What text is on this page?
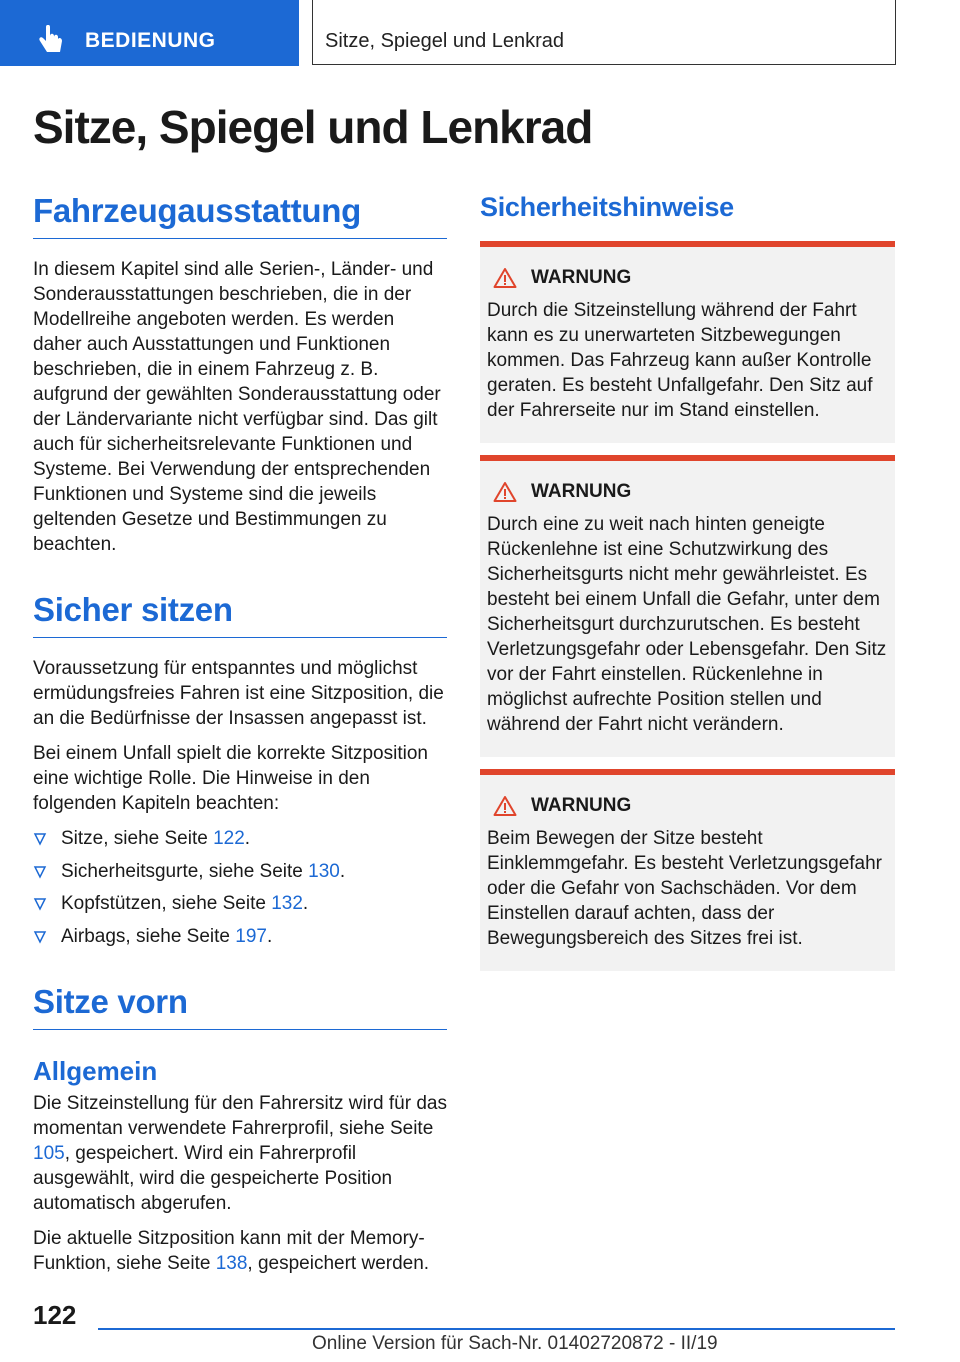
BEDIENUNG	Sitze, Spiegel und Lenkrad
Sitze, Spiegel und Lenkrad
Fahrzeugausstattung

In diesem Kapitel sind alle Serien-, Länder- und Sonderausstattungen beschrieben, die in der Modellreihe angeboten werden. Es werden daher auch Ausstattungen und Funktionen beschrieben, die in einem Fahrzeug z. B. aufgrund der gewählten Sonderausstattung oder der Ländervariante nicht verfügbar sind. Das gilt auch für sicherheitsrelevante Funktionen und Systeme. Bei Verwendung der entsprechenden Funktionen und Systeme sind die jeweils geltenden Gesetze und Bestimmungen zu beachten.

Sicher sitzen

Voraussetzung für entspanntes und möglichst ermüdungsfreies Fahren ist eine Sitzposition, die an die Bedürfnisse der Insassen angepasst ist.

Bei einem Unfall spielt die korrekte Sitzposition eine wichtige Rolle. Die Hinweise in den folgenden Kapiteln beachten:

Sitze, siehe Seite 122.
Sicherheitsgurte, siehe Seite 130.
Kopfstützen, siehe Seite 132.
Airbags, siehe Seite 197.
Sitze vorn
Allgemein

Die Sitzeinstellung für den Fahrersitz wird für das momentan verwendete Fahrerprofil, siehe Seite 105, gespeichert. Wird ein Fahrerprofil ausgewählt, wird die gespeicherte Position automatisch abgerufen.

Die aktuelle Sitzposition kann mit der Memory-Funktion, siehe Seite 138, gespeichert werden.

Sicherheitshinweise
WARNUNG

Durch die Sitzeinstellung während der Fahrt kann es zu unerwarteten Sitzbewegungen kommen. Das Fahrzeug kann außer Kontrolle geraten. Es besteht Unfallgefahr. Den Sitz auf der Fahrerseite nur im Stand einstellen.

WARNUNG

Durch eine zu weit nach hinten geneigte Rückenlehne ist eine Schutzwirkung des Sicherheitsgurts nicht mehr gewährleistet. Es besteht bei einem Unfall die Gefahr, unter dem Sicherheitsgurt durchzurutschen. Es besteht Verletzungsgefahr oder Lebensgefahr. Den Sitz vor der Fahrt einstellen. Rückenlehne in möglichst aufrechte Position stellen und während der Fahrt nicht verändern.

WARNUNG

Beim Bewegen der Sitze besteht Einklemmgefahr. Es besteht Verletzungsgefahr oder die Gefahr von Sachschäden. Vor dem Einstellen darauf achten, dass der Bewegungsbereich des Sitzes frei ist.

122
Online Version für Sach-Nr. 01402720872 - II/19
